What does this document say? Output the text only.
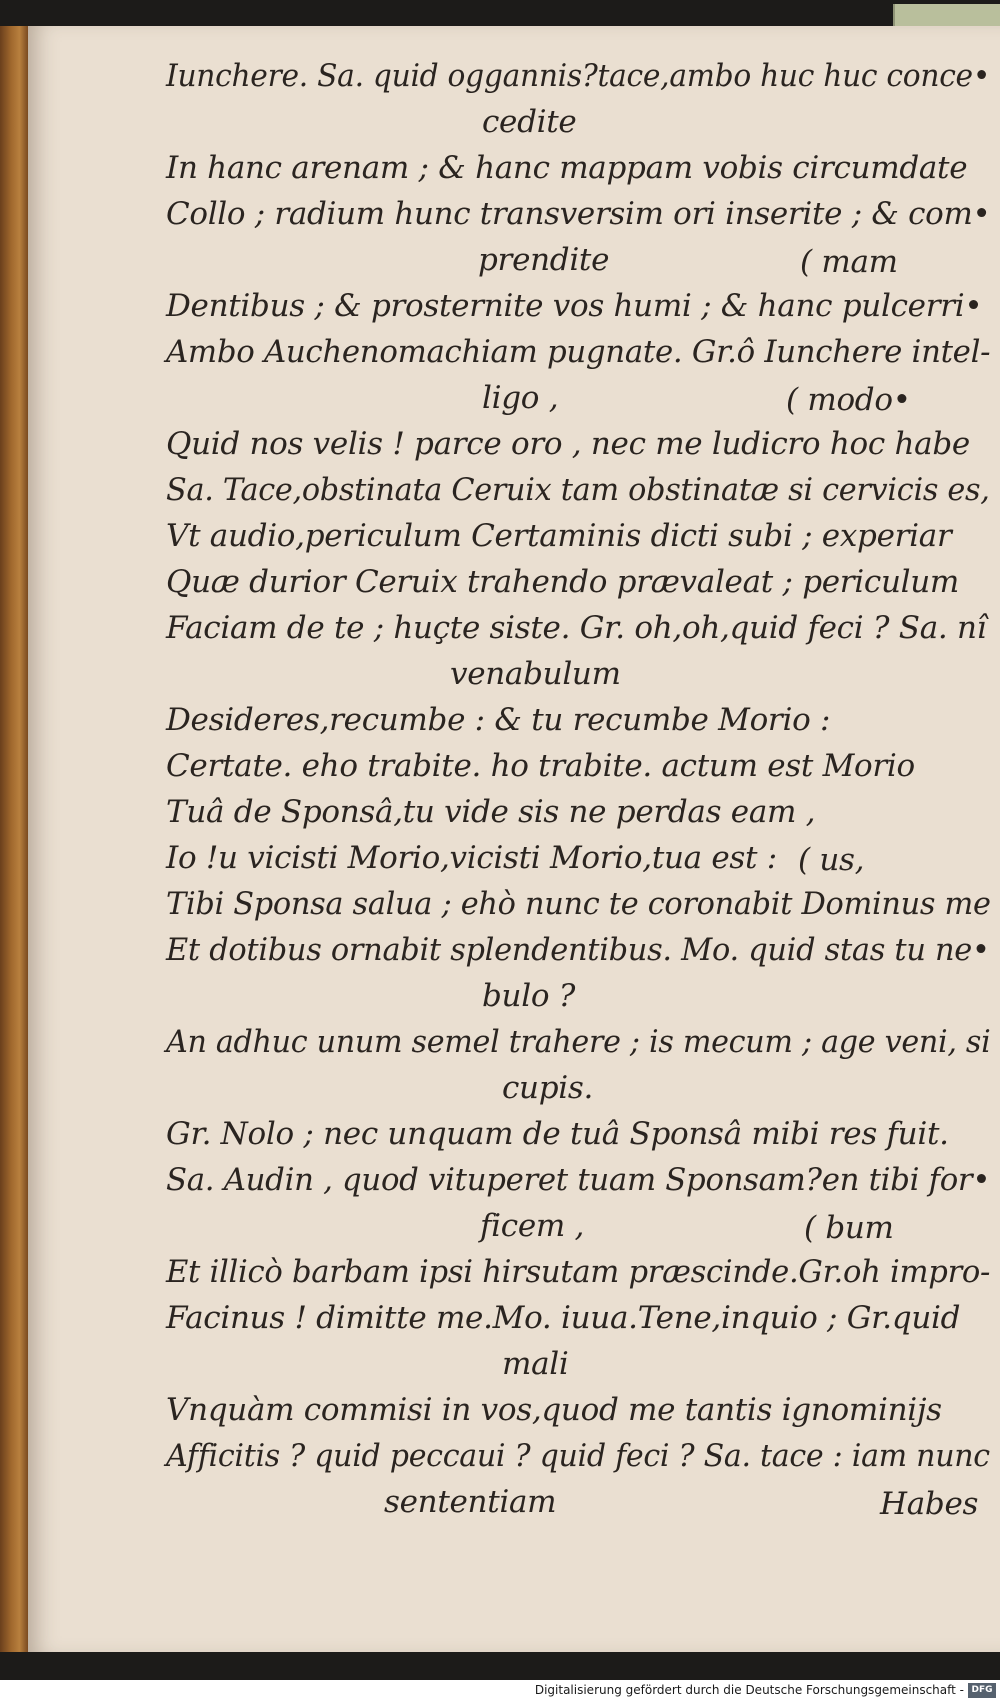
Iunchere. Sa. quid oggannis?tace,ambo huc huc conce•

cedite

In hanc arenam ; & hanc mappam vobis circumdate

Collo ; radium hunc transversim ori inserite ; & com•

prendite	( mam

Dentibus ; & prosternite vos humi ; & hanc pulcerri•

Ambo Auchenomachiam pugnate. Gr.ô Iunchere intel-

ligo ,	( modo•

Quid nos velis ! parce oro , nec me ludicro hoc habe

Sa. Tace,obstinata Ceruix tam obstinatæ si cervicis es,

Vt audio,periculum Certaminis dicti subi ; experiar

Quæ durior Ceruix trahendo prævaleat ; periculum

Faciam de te ; huçte siste. Gr. oh,oh,quid feci ? Sa. nî

venabulum

Desideres,recumbe : & tu recumbe Morio :

Certate. eho trabite. ho trabite. actum est Morio

Tuâ de Sponsâ,tu vide sis ne perdas eam ,

Io !u vicisti Morio,vicisti Morio,tua est : ( us,

Tibi Sponsa salua ; ehò nunc te coronabit Dominus me

Et dotibus ornabit splendentibus. Mo. quid stas tu ne•

bulo ?

An adhuc unum semel trahere ; is mecum ; age veni, si

cupis.

Gr. Nolo ; nec unquam de tuâ Sponsâ mibi res fuit.

Sa. Audin , quod vituperet tuam Sponsam?en tibi for•

ficem ,	( bum

Et illicò barbam ipsi hirsutam præscinde.Gr.oh impro-

Facinus ! dimitte me.Mo. iuua.Tene,inquio ; Gr.quid

mali

Vnquàm commisi in vos,quod me tantis ignominijs

Afficitis ? quid peccaui ? quid feci ? Sa. tace : iam nunc

sententiam	Habes

Digitalisierung gefördert durch die Deutsche Forschungsgemeinschaft - DFG
